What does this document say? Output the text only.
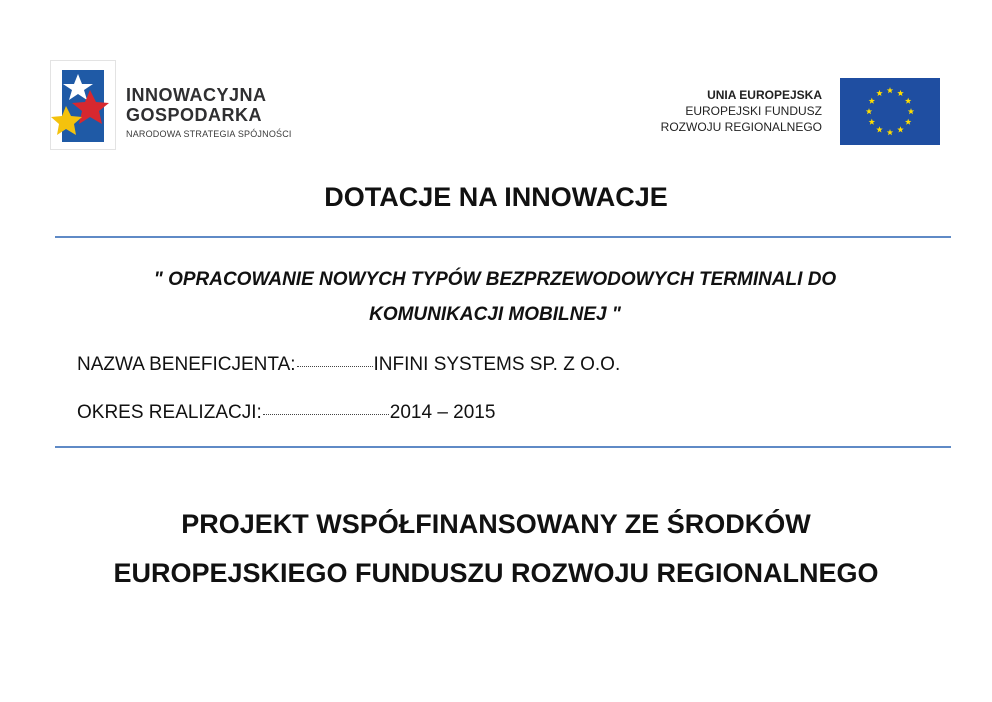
INNOWACYJNA
GOSPODARKA
NARODOWA STRATEGIA SPÓJNOŚCI
UNIA EUROPEJSKA
EUROPEJSKI FUNDUSZ
ROZWOJU REGIONALNEGO
DOTACJE NA INNOWACJE
" OPRACOWANIE NOWYCH TYPÓW BEZPRZEWODOWYCH TERMINALI DO
KOMUNIKACJI MOBILNEJ "
NAZWA BENEFICJENTA:	INFINI SYSTEMS SP. Z O.O.
OKRES REALIZACJI:	2014 – 2015
PROJEKT WSPÓŁFINANSOWANY ZE ŚRODKÓW
EUROPEJSKIEGO FUNDUSZU ROZWOJU REGIONALNEGO
